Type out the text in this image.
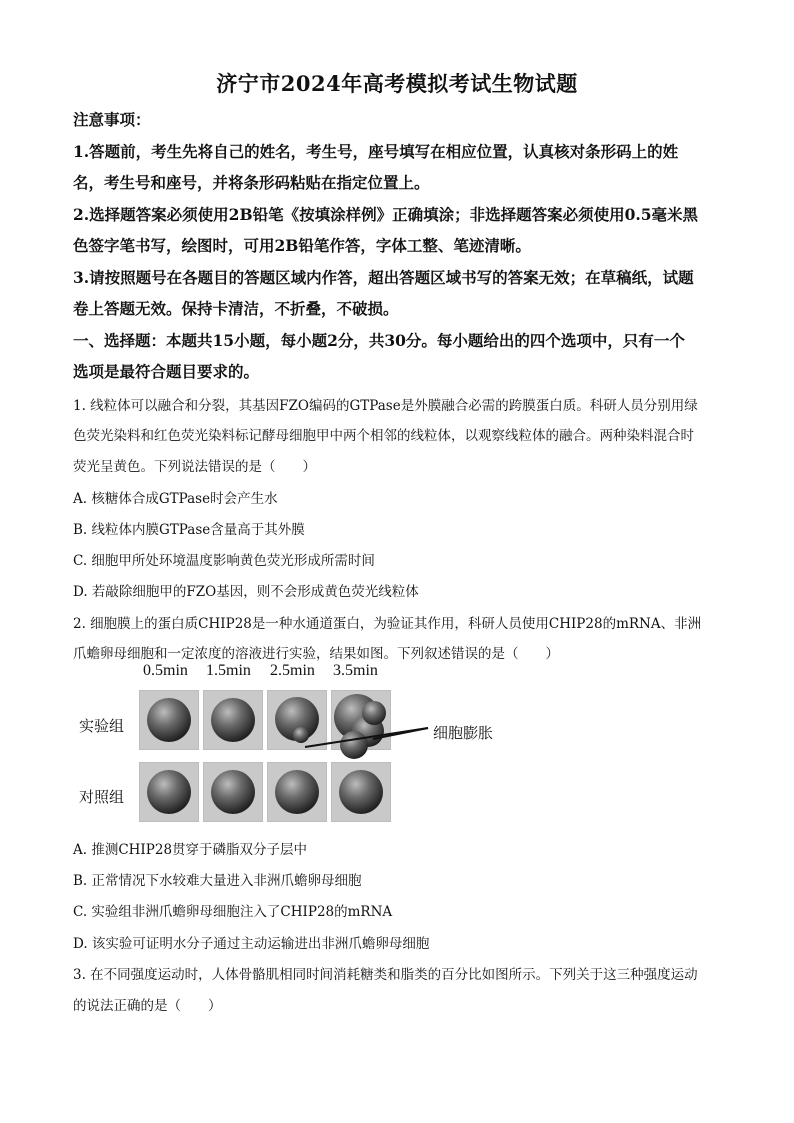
济宁市2024年高考模拟考试生物试题
注意事项：
1.答题前，考生先将自己的姓名，考生号，座号填写在相应位置，认真核对条形码上的姓
名，考生号和座号，并将条形码粘贴在指定位置上。
2.选择题答案必须使用2B铅笔《按填涂样例》正确填涂；非选择题答案必须使用0.5毫米黑
色签字笔书写，绘图时，可用2B铅笔作答，字体工整、笔迹清晰。
3.请按照题号在各题目的答题区域内作答，超出答题区域书写的答案无效；在草稿纸，试题
卷上答题无效。保持卡清洁，不折叠，不破损。
一、选择题：本题共15小题，每小题2分，共30分。每小题给出的四个选项中，只有一个
选项是最符合题目要求的。
1. 线粒体可以融合和分裂，其基因FZO编码的GTPase是外膜融合必需的跨膜蛋白质。科研人员分别用绿
色荧光染料和红色荧光染料标记酵母细胞甲中两个相邻的线粒体，以观察线粒体的融合。两种染料混合时
荧光呈黄色。下列说法错误的是（　　）
A. 核糖体合成GTPase时会产生水
B. 线粒体内膜GTPase含量高于其外膜
C. 细胞甲所处环境温度影响黄色荧光形成所需时间
D. 若敲除细胞甲的FZO基因，则不会形成黄色荧光线粒体
2. 细胞膜上的蛋白质CHIP28是一种水通道蛋白，为验证其作用，科研人员使用CHIP28的mRNA、非洲
爪蟾卵母细胞和一定浓度的溶液进行实验，结果如图。下列叙述错误的是（　　）
0.5min 1.5min 2.5min 3.5min
实验组
对照组
细胞膨胀
A. 推测CHIP28贯穿于磷脂双分子层中
B. 正常情况下水较难大量进入非洲爪蟾卵母细胞
C. 实验组非洲爪蟾卵母细胞注入了CHIP28的mRNA
D. 该实验可证明水分子通过主动运输进出非洲爪蟾卵母细胞
3. 在不同强度运动时，人体骨骼肌相同时间消耗糖类和脂类的百分比如图所示。下列关于这三种强度运动
的说法正确的是（　　）
